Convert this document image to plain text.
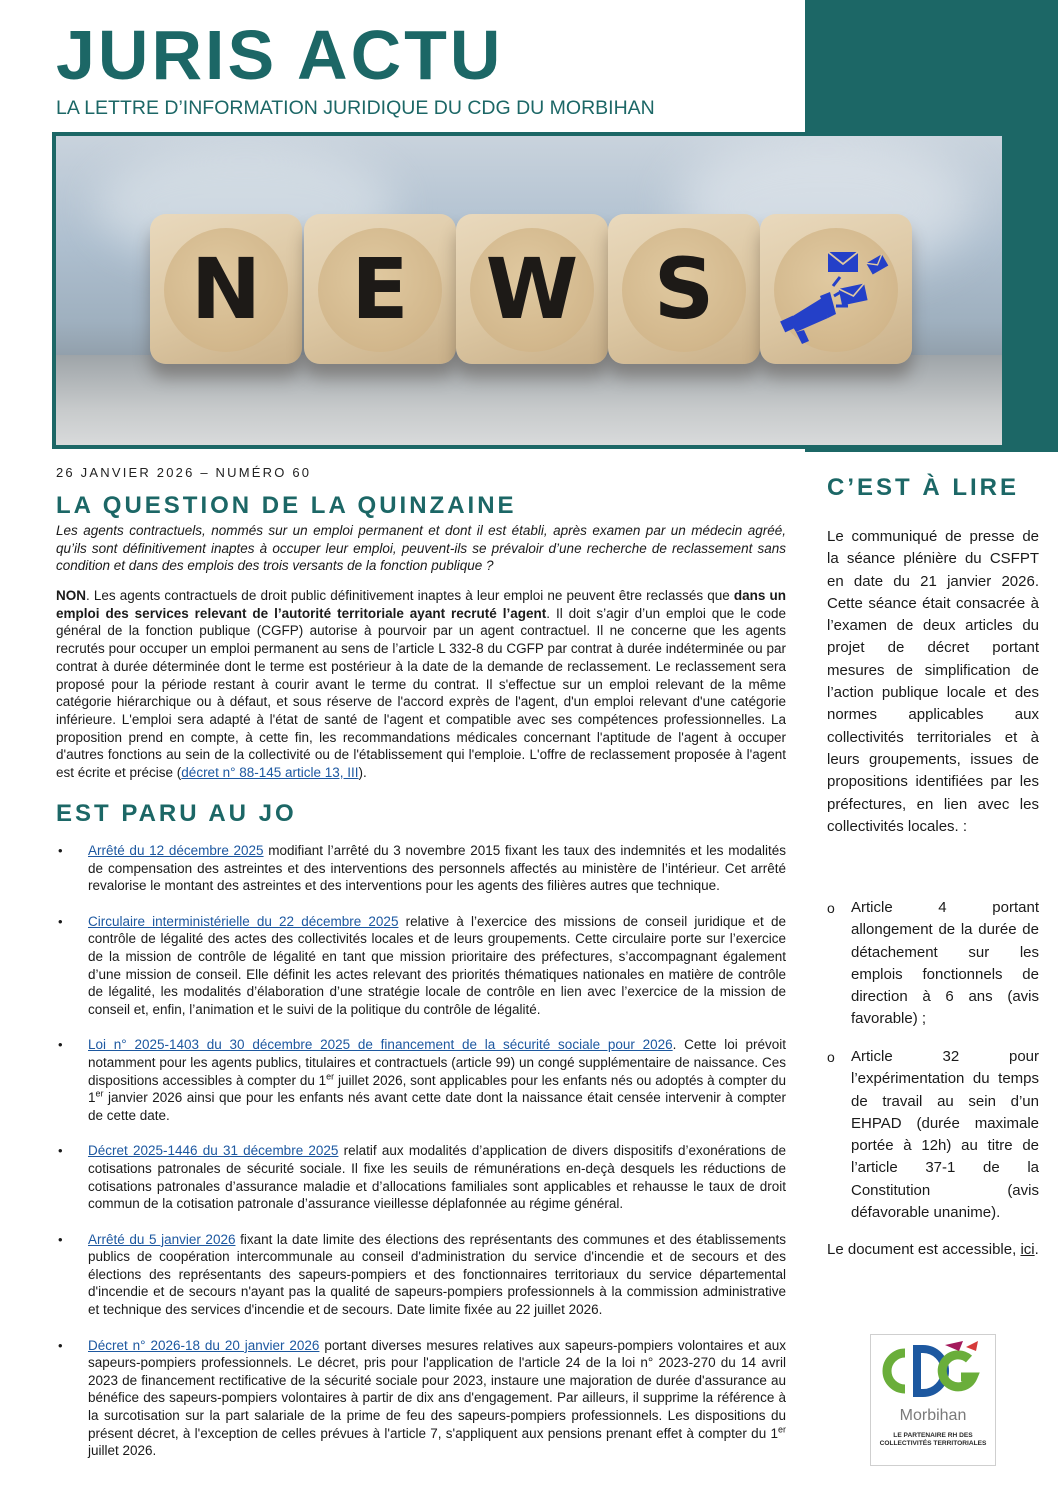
JURIS ACTU
LA LETTRE D’INFORMATION JURIDIQUE DU CDG DU MORBIHAN
N	E W S
26 JANVIER 2026 – NUMÉRO 60
LA QUESTION DE LA QUINZAINE
Les agents contractuels, nommés sur un emploi permanent et dont il est établi, après examen par un médecin agréé, qu’ils sont définitivement inaptes à occuper leur emploi, peuvent-ils se prévaloir d’une recherche de reclassement sans condition et dans des emplois des trois versants de la fonction publique ?
NON. Les agents contractuels de droit public définitivement inaptes à leur emploi ne peuvent être reclassés que dans un emploi des services relevant de l’autorité territoriale ayant recruté l’agent. Il doit s’agir d’un emploi que le code général de la fonction publique (CGFP) autorise à pourvoir par un agent contractuel. Il ne concerne que les agents recrutés pour occuper un emploi permanent au sens de l’article L 332-8 du CGFP par contrat à durée indéterminée ou par contrat à durée déterminée dont le terme est postérieur à la date de la demande de reclassement. Le reclassement sera proposé pour la période restant à courir avant le terme du contrat. Il s'effectue sur un emploi relevant de la même catégorie hiérarchique ou à défaut, et sous réserve de l'accord exprès de l'agent, d'un emploi relevant d'une catégorie inférieure. L'emploi sera adapté à l'état de santé de l'agent et compatible avec ses compétences professionnelles. La proposition prend en compte, à cette fin, les recommandations médicales concernant l'aptitude de l'agent à occuper d'autres fonctions au sein de la collectivité ou de l'établissement qui l'emploie. L'offre de reclassement proposée à l'agent est écrite et précise (décret n° 88-145 article 13, III).
EST PARU AU JO
• Arrêté du 12 décembre 2025 modifiant l’arrêté du 3 novembre 2015 fixant les taux des indemnités et les modalités de compensation des astreintes et des interventions des personnels affectés au ministère de l’intérieur. Cet arrêté revalorise le montant des astreintes et des interventions pour les agents des filières autres que technique.
• Circulaire interministérielle du 22 décembre 2025 relative à l’exercice des missions de conseil juridique et de contrôle de légalité des actes des collectivités locales et de leurs groupements. Cette circulaire porte sur l’exercice de la mission de contrôle de légalité en tant que mission prioritaire des préfectures, s’accompagnant également d’une mission de conseil. Elle définit les actes relevant des priorités thématiques nationales en matière de contrôle de légalité, les modalités d’élaboration d’une stratégie locale de contrôle en lien avec l’exercice de la mission de conseil et, enfin, l’animation et le suivi de la politique du contrôle de légalité.
• Loi n° 2025-1403 du 30 décembre 2025 de financement de la sécurité sociale pour 2026. Cette loi prévoit notamment pour les agents publics, titulaires et contractuels (article 99) un congé supplémentaire de naissance. Ces dispositions accessibles à compter du 1er juillet 2026, sont applicables pour les enfants nés ou adoptés à compter du 1er janvier 2026 ainsi que pour les enfants nés avant cette date dont la naissance était censée intervenir à compter de cette date.
• Décret 2025-1446 du 31 décembre 2025 relatif aux modalités d’application de divers dispositifs d’exonérations de cotisations patronales de sécurité sociale. Il fixe les seuils de rémunérations en-deçà desquels les réductions de cotisations patronales d’assurance maladie et d’allocations familiales sont applicables et rehausse le taux de droit commun de la cotisation patronale d’assurance vieillesse déplafonnée au régime général.
• Arrêté du 5 janvier 2026 fixant la date limite des élections des représentants des communes et des établissements publics de coopération intercommunale au conseil d'administration du service d'incendie et de secours et des élections des représentants des sapeurs-pompiers et des fonctionnaires territoriaux du service départemental d'incendie et de secours n'ayant pas la qualité de sapeurs-pompiers professionnels à la commission administrative et technique des services d'incendie et de secours. Date limite fixée au 22 juillet 2026.
• Décret n° 2026-18 du 20 janvier 2026 portant diverses mesures relatives aux sapeurs-pompiers volontaires et aux sapeurs-pompiers professionnels. Le décret, pris pour l'application de l'article 24 de la loi n° 2023-270 du 14 avril 2023 de financement rectificative de la sécurité sociale pour 2023, instaure une majoration de durée d'assurance au bénéfice des sapeurs-pompiers volontaires à partir de dix ans d'engagement. Par ailleurs, il supprime la référence à la surcotisation sur la part salariale de la prime de feu des sapeurs-pompiers professionnels. Les dispositions du présent décret, à l'exception de celles prévues à l'article 7, s'appliquent aux pensions prenant effet à compter du 1er juillet 2026.
C’EST À LIRE
Le communiqué de presse de la séance plénière du CSFPT en date du 21 janvier 2026. Cette séance était consacrée à l’examen de deux articles du projet de décret portant mesures de simplification de l’action publique locale et des normes applicables aux collectivités territoriales et à leurs groupements, issues de propositions identifiées par les préfectures, en lien avec les collectivités locales. :
o Article 4 portant allongement de la durée de détachement sur les emplois fonctionnels de direction à 6 ans (avis favorable) ;
o Article 32 pour l’expérimentation du temps de travail au sein d’un EHPAD (durée maximale portée à 12h) au titre de l’article 37-1 de la Constitution (avis défavorable unanime).
Le document est accessible, ici.
Morbihan
LE PARTENAIRE RH DES COLLECTIVITÉS TERRITORIALES
